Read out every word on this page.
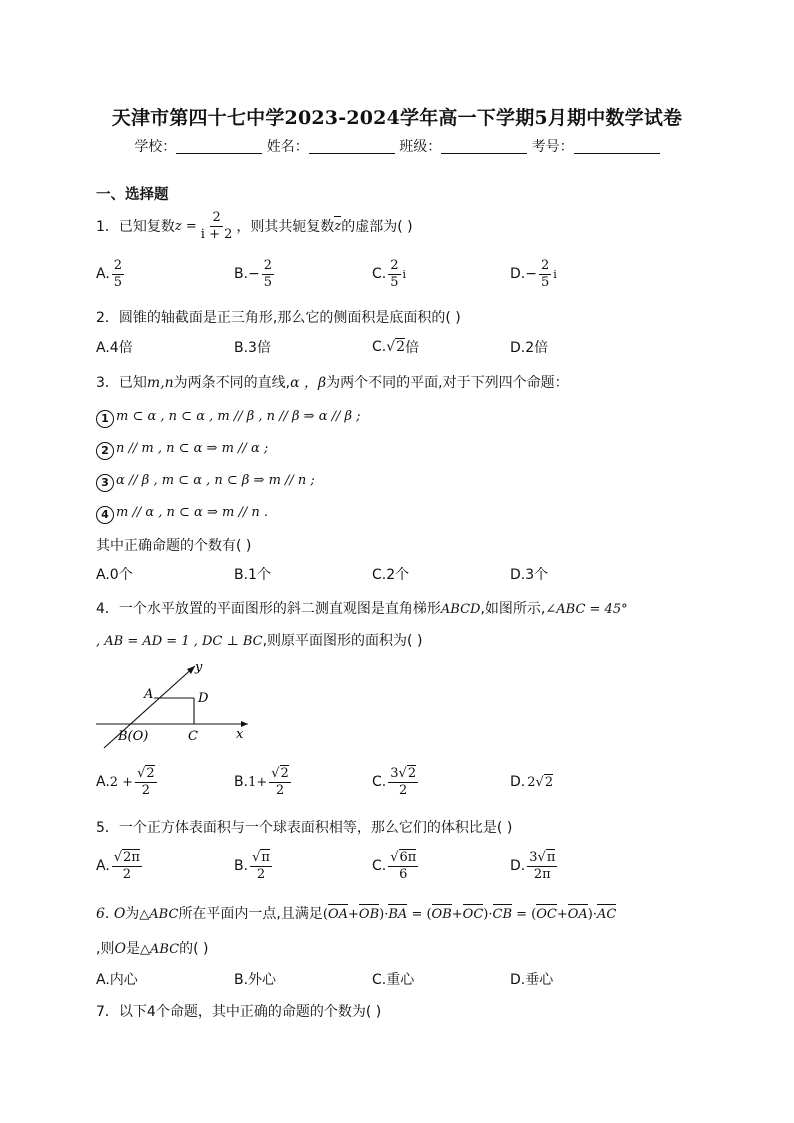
天津市第四十七中学2023-2024学年高一下学期5月期中数学试卷
学校：	姓名：	班级：	考号：
一、选择题
1．已知复数 $z = \frac{2}{i + 2}$ ，则其共轭复数 z 的虚部为( )
A. $\frac{2}{5}$	B. − $\frac{2}{5}$	C. $\frac{2}{5}$ i	D. − $\frac{2}{5}$ i
2．圆锥的轴截面是正三角形,那么它的侧面积是底面积的( )
A.4倍	B.3倍	C. √2 倍	D.2倍
3．已知m,n为两条不同的直线,α ，β为两个不同的平面,对于下列四个命题：
1 m ⊂ α , n ⊂ α , m // β , n // β ⇒ α // β ;
2 n // m , n ⊂ α ⇒ m // α ;
3 α // β , m ⊂ α , n ⊂ β ⇒ m // n ;
4 m // α , n ⊂ α ⇒ m // n .
其中正确命题的个数有( )
A.0个	B.1个	C.2个	D.3个
4．一个水平放置的平面图形的斜二测直观图是直角梯形ABCD,如图所示,∠ABC = 45°
, AB = AD = 1 , DC ⊥ BC,则原平面图形的面积为( )
y
x
A	D
B(O)	C
A. $2 + \frac{√2}{2}$	B. $1+ \frac{√2}{2}$	C. $\frac{3√2}{2}$	D. 2 √2
5．一个正方体表面积与一个球表面积相等，那么它们的体积比是( )
A. $\frac{√2\pi}{2}$	B. $\frac{√\pi}{2}$	C. $\frac{√6\pi}{6}$	D. $\frac{3√\pi}{2\pi}$
6. O为△ABC所在平面内一点,且满足(OA+OB)·BA = (OB+OC)·CB = (OC+OA)·AC
,则O是△ABC的( )
A.内心	B.外心	C.重心	D.垂心
7．以下4个命题，其中正确的命题的个数为( )
